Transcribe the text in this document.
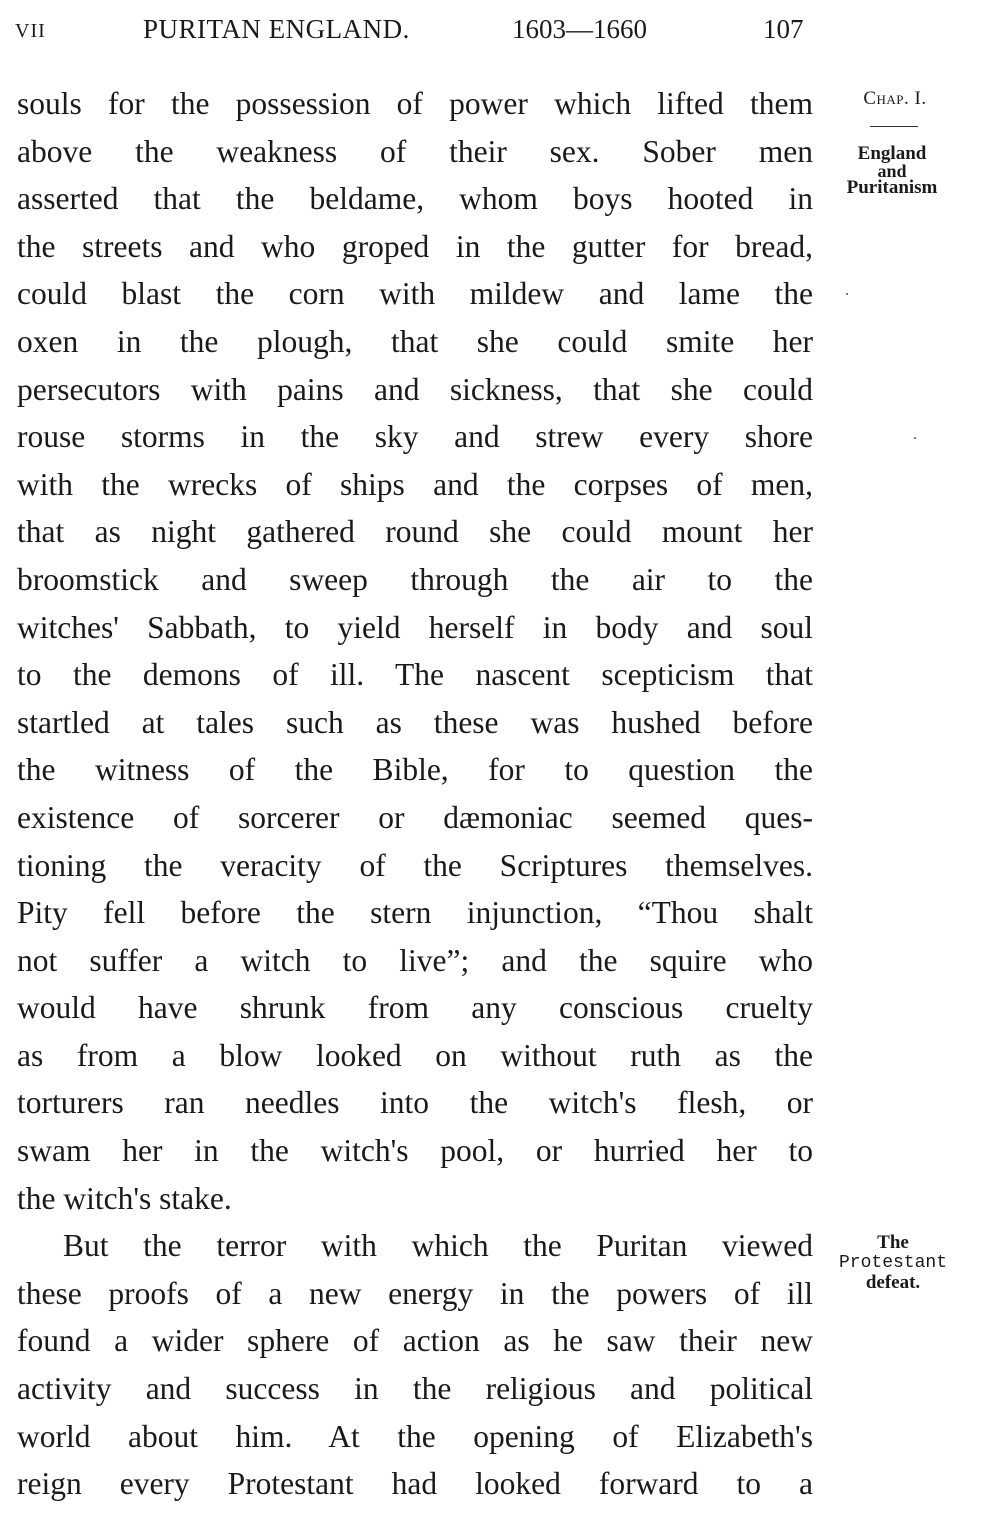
VII	PURITAN ENGLAND.	1603—1660	107
Chap. I.
England
and
Puritanism
The
Protestant
defeat.
souls for the possession of power which lifted them
above the weakness of their sex. Sober men
asserted that the beldame, whom boys hooted in
the streets and who groped in the gutter for bread,
could blast the corn with mildew and lame the
oxen in the plough, that she could smite her
persecutors with pains and sickness, that she could
rouse storms in the sky and strew every shore
with the wrecks of ships and the corpses of men,
that as night gathered round she could mount her
broomstick and sweep through the air to the
witches' Sabbath, to yield herself in body and soul
to the demons of ill. The nascent scepticism that
startled at tales such as these was hushed before
the witness of the Bible, for to question the
existence of sorcerer or dæmoniac seemed ques-
tioning the veracity of the Scriptures themselves.
Pity fell before the stern injunction, “Thou shalt
not suffer a witch to live”; and the squire who
would have shrunk from any conscious cruelty
as from a blow looked on without ruth as the
torturers ran needles into the witch's flesh, or
swam her in the witch's pool, or hurried her to
the witch's stake.
But the terror with which the Puritan viewed
these proofs of a new energy in the powers of ill
found a wider sphere of action as he saw their new
activity and success in the religious and political
world about him. At the opening of Elizabeth's
reign every Protestant had looked forward to a
